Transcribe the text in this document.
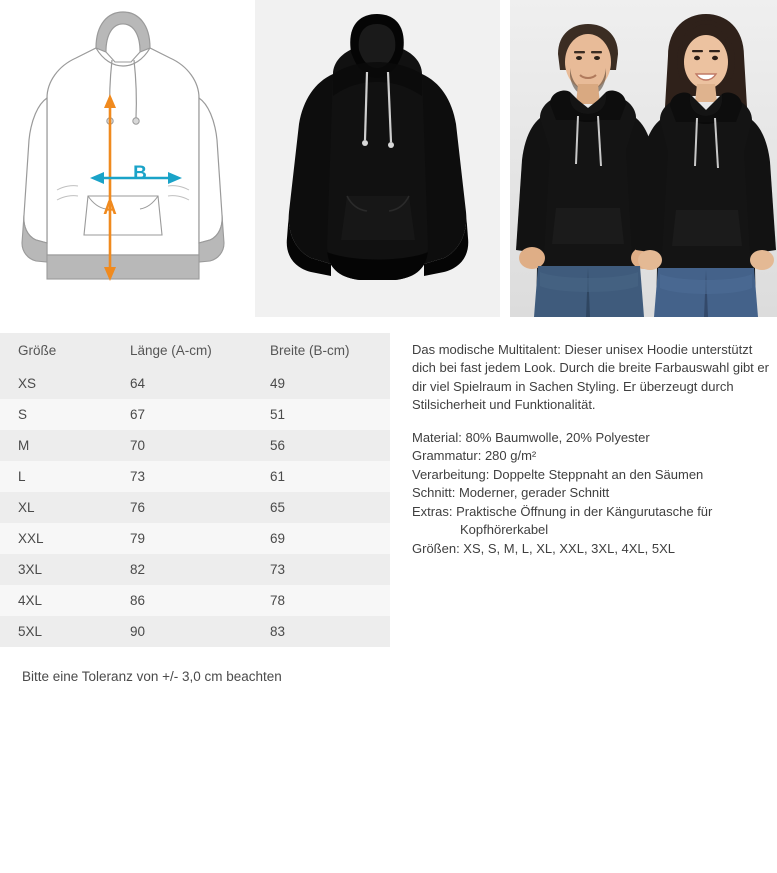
A
B
Größe	Länge (A-cm)	Breite (B-cm)
XS	64	49
S	67	51
M	70	56
L	73	61
XL	76	65
XXL	79	69
3XL	82	73
4XL	86	78
5XL	90	83
Bitte eine Toleranz von +/- 3,0 cm beachten

Das modische Multitalent: Dieser unisex Hoodie unterstützt dich bei fast jedem Look. Durch die breite Farbauswahl gibt er dir viel Spielraum in Sachen Styling. Er überzeugt durch Stilsicherheit und Funktionalität.

Material: 80% Baumwolle, 20% Polyester

Grammatur: 280 g/m²

Verarbeitung: Doppelte Steppnaht an den Säumen

Schnitt: Moderner, gerader Schnitt

Extras: Praktische Öffnung in der Kängurutasche für

Kopfhörerkabel

Größen: XS, S, M, L, XL, XXL, 3XL, 4XL, 5XL
